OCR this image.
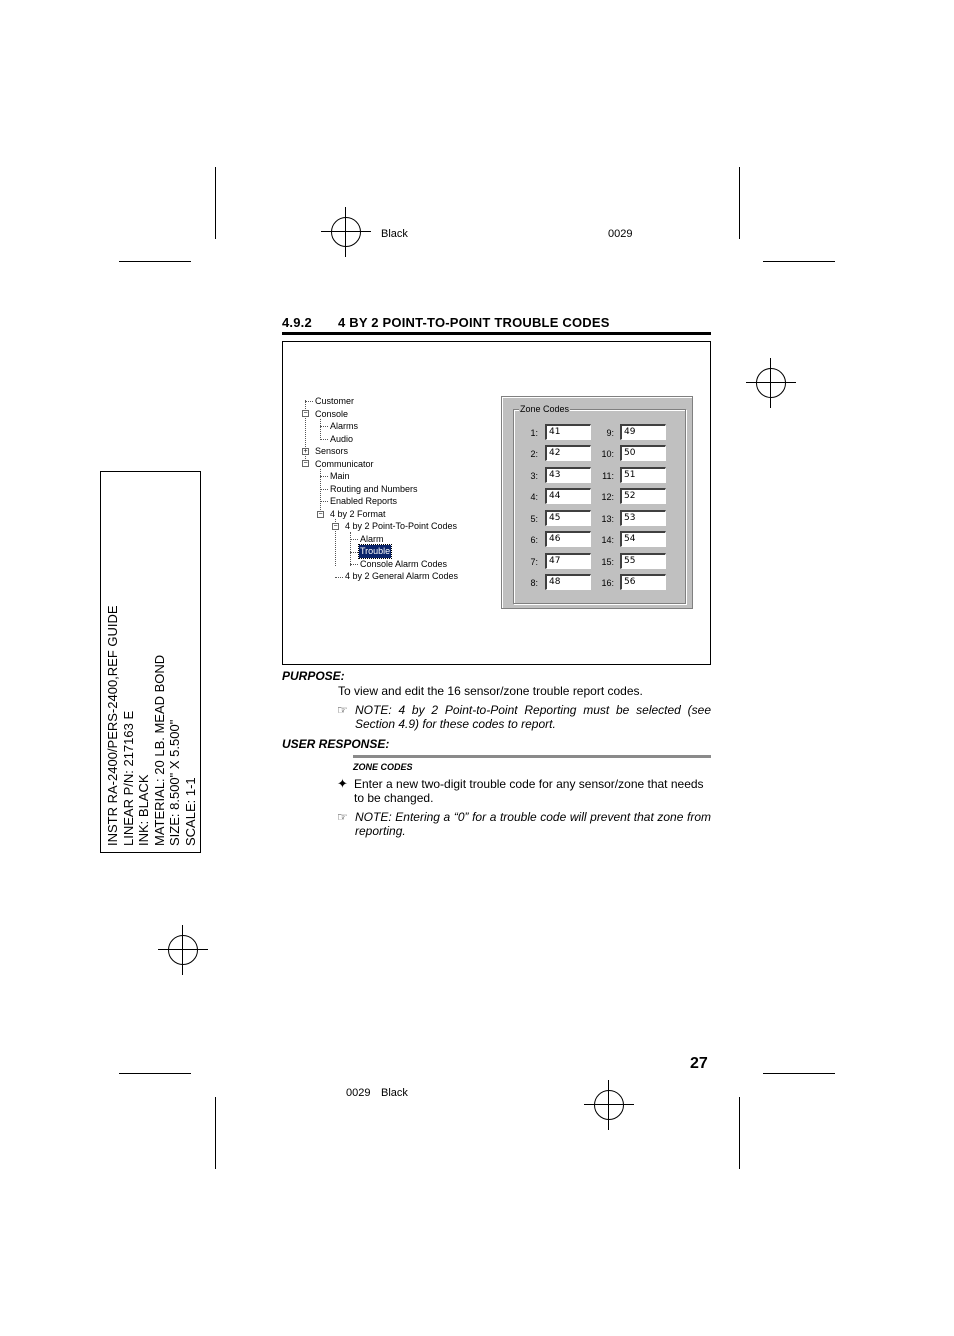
Black	0029
0029 Black
INSTR RA-2400/PERS-2400,REF GUIDE LINEAR P/N: 217163 E INK: BLACK MATERIAL: 20 LB. MEAD BOND SIZE: 8.500" X 5.500" SCALE: 1-1
4.9.2 4 BY 2 POINT-TO-POINT TROUBLE CODES
−
+
−
−
−
Customer
Console
Alarms
Audio
Sensors
Communicator
Main
Routing and Numbers
Enabled Reports
4 by 2 Format
4 by 2 Point-To-Point Codes
Alarm
Trouble
Console Alarm Codes
4 by 2 General Alarm Codes
Zone Codes
1:	41
2:	42
3:	43
4:	44
5:	45
6:	46
7:	47
8:	48
9:	49
10:	50
11:	51
12:	52
13:	53
14:	54
15:	55
16:	56
PURPOSE:
To view and edit the 16 sensor/zone trouble report codes.
☞ NOTE: 4 by 2 Point-to-Point Reporting must be selected (see Section 4.9) for these codes to report.
USER RESPONSE:
ZONE CODES
✦ Enter a new two-digit trouble code for any sensor/zone that needs to be changed.
☞ NOTE: Entering a “0” for a trouble code will prevent that zone from reporting.
27
